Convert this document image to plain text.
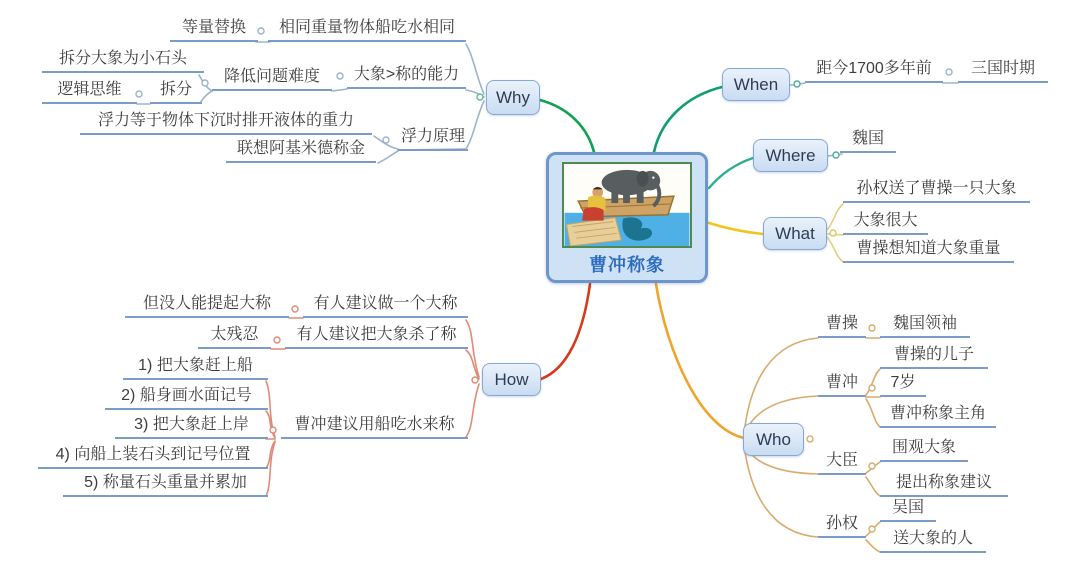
曹冲称象
Why
When
Where
What
Who
How
等量替换	相同重量物体船吃水相同
拆分大象为小石头
降低问题难度	大象>称的能力
逻辑思维	拆分
浮力等于物体下沉时排开液体的重力
联想阿基米德称金
浮力原理
距今1700多年前	三国时期
魏国
孙权送了曹操一只大象
大象很大
曹操想知道大象重量
曹操	魏国领袖
曹操的儿子
曹冲	7岁
曹冲称象主角
大臣
围观大象
提出称象建议
孙权
吴国
送大象的人
但没人能提起大称	有人建议做一个大称
太残忍	有人建议把大象杀了称
1) 把大象赶上船
2) 船身画水面记号
3) 把大象赶上岸	曹冲建议用船吃水来称
4) 向船上装石头到记号位置
5) 称量石头重量并累加
